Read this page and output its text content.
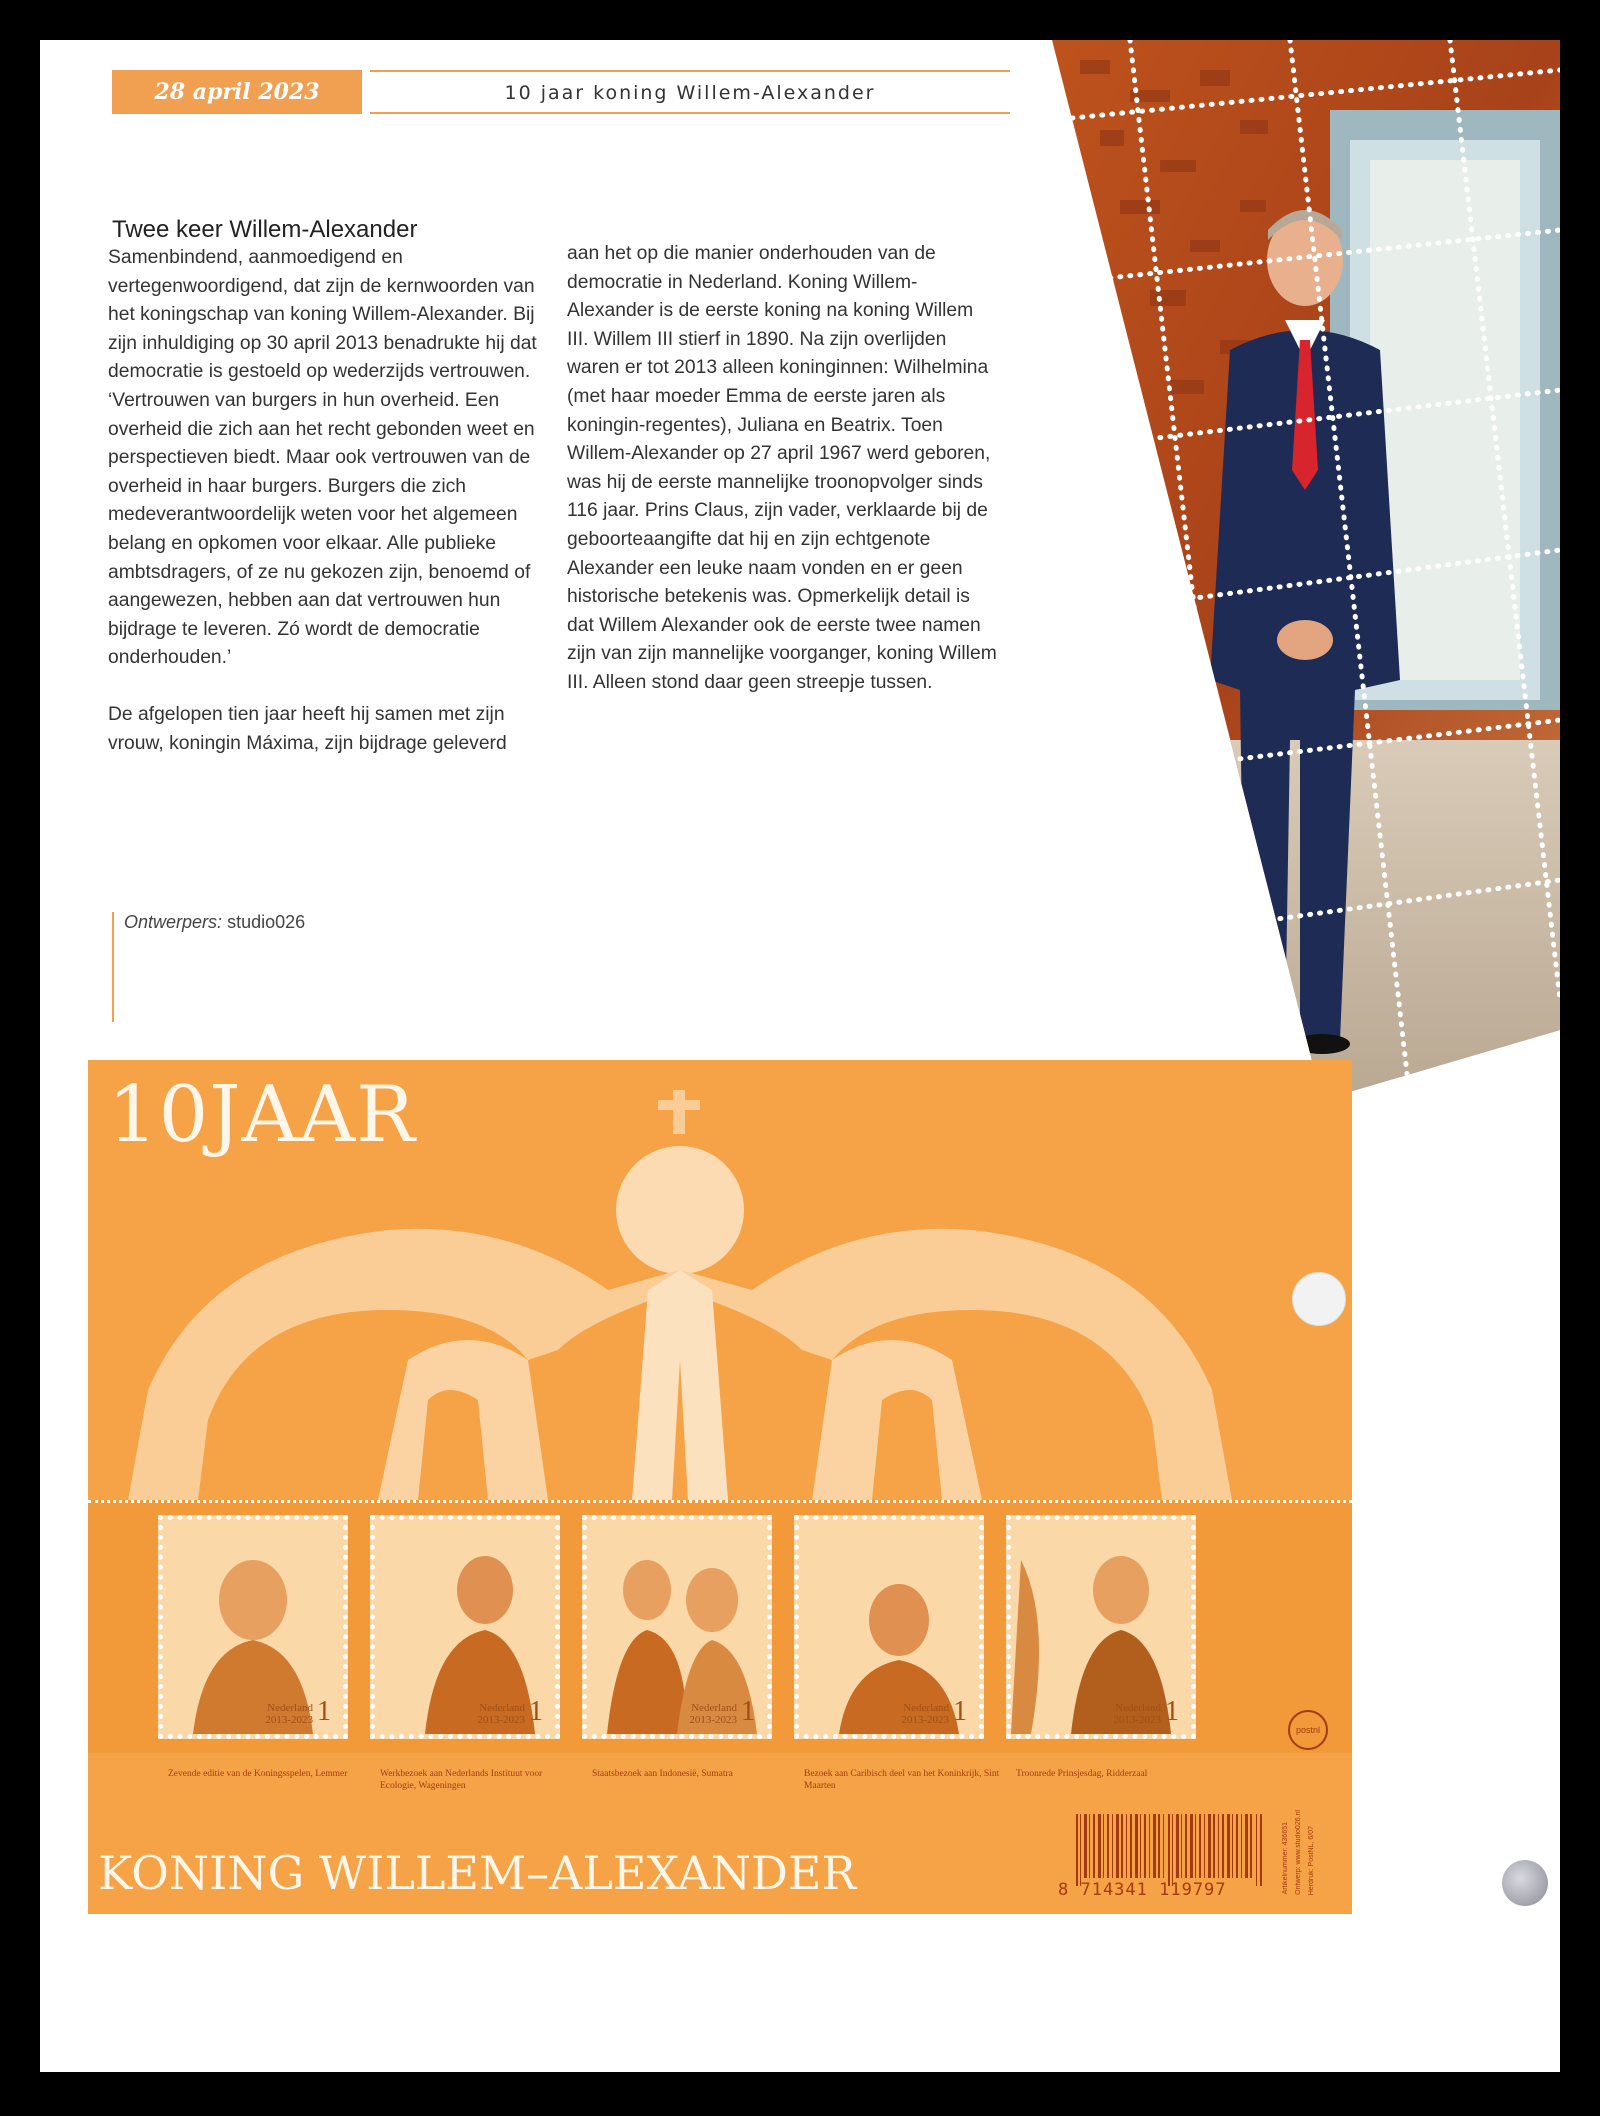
28 april 2023	10 jaar koning Willem-Alexander
Twee keer Willem-Alexander

Samenbindend, aanmoedigend en vertegenwoordigend, dat zijn de kernwoorden van het koningschap van koning Willem-Alexander. Bij zijn inhuldiging op 30 april 2013 benadrukte hij dat democratie is gestoeld op wederzijds vertrouwen. ‘Vertrouwen van burgers in hun overheid. Een overheid die zich aan het recht gebonden weet en perspectieven biedt. Maar ook vertrouwen van de overheid in haar burgers. Burgers die zich medeverantwoordelijk weten voor het algemeen belang en opkomen voor elkaar. Alle publieke ambtsdragers, of ze nu gekozen zijn, benoemd of aangewezen, hebben aan dat vertrouwen hun bijdrage te leveren. Zó wordt de democratie onderhouden.’

De afgelopen tien jaar heeft hij samen met zijn vrouw, koningin Máxima, zijn bijdrage geleverd

aan het op die manier onderhouden van de democratie in Nederland. Koning Willem-Alexander is de eerste koning na koning Willem III. Willem III stierf in 1890. Na zijn overlijden waren er tot 2013 alleen koninginnen: Wilhelmina (met haar moeder Emma de eerste jaren als koningin-regentes), Juliana en Beatrix. Toen Willem-Alexander op 27 april 1967 werd geboren, was hij de eerste mannelijke troonopvolger sinds 116 jaar. Prins Claus, zijn vader, verklaarde bij de geboorteaangifte dat hij en zijn echtgenote Alexander een leuke naam vonden en er geen historische betekenis was. Opmerkelijk detail is dat Willem Alexander ook de eerste twee namen zijn van zijn mannelijke voorganger, koning Willem III. Alleen stond daar geen streepje tussen.

Ontwerpers: studio026
10JAAR
Nederland
2013-2023 1	Nederland
2013-2023 1	Nederland
2013-2023 1	Nederland
2013-2023 1	Nederland
2013-2023 1
postnl
Zevende editie van de Koningsspelen, Lemmer	Werkbezoek aan Nederlands Instituut voor Ecologie, Wageningen
Staatsbezoek aan Indonesië, Sumatra	Bezoek aan Caribisch deel van het Koninkrijk, Sint Maarten
Troonrede Prinsjesdag, Ridderzaal
KONING WILLEM–ALEXANDER	8 714341 119797	Artikelnummer: 436651 Ontwerp: www.studio026.nl Herdruk: PostNL, 6/07
